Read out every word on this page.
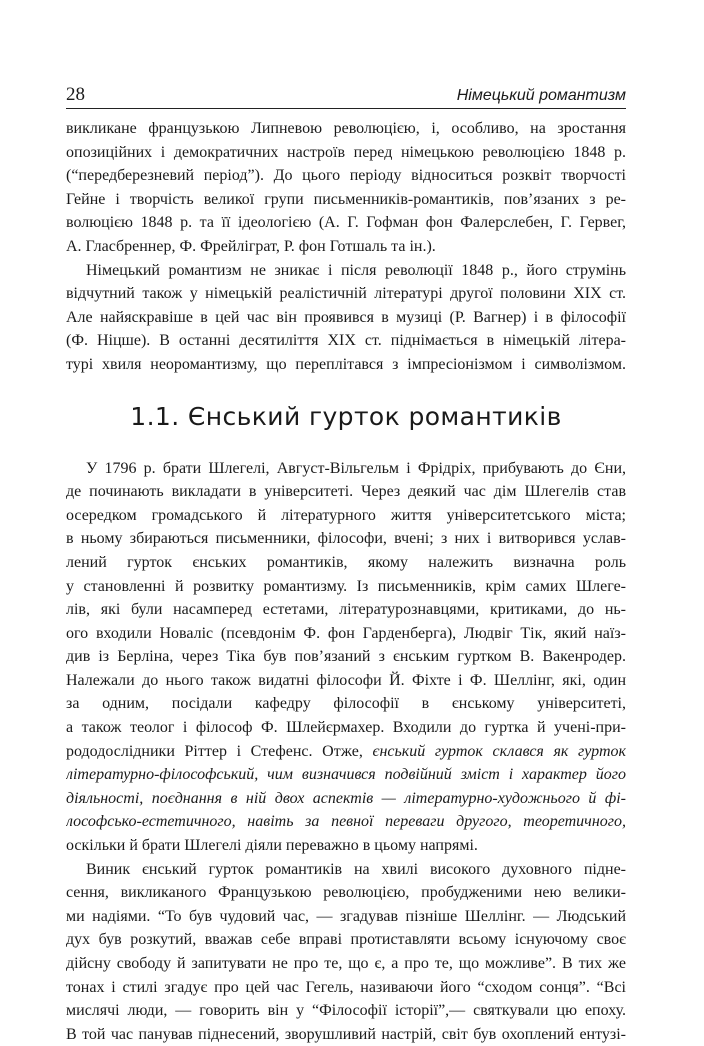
28	Німецький романтизм
викликане французькою Липневою революцією, і, особливо, на зростання
опозиційних і демократичних настроїв перед німецькою революцією 1848 р.
(“передберезневий період”). До цього періоду відноситься розквіт творчості
Гейне і творчість великої групи письменників-романтиків, пов’язаних з ре-
волюцією 1848 р. та її ідеологією (А. Г. Гофман фон Фалерслебен, Г. Гервег,
А. Гласбреннер, Ф. Фрейліграт, Р. фон Готшаль та ін.).
Німецький романтизм не зникає і після революції 1848 р., його струмінь
відчутний також у німецькій реалістичній літературі другої половини XIX ст.
Але найяскравіше в цей час він проявився в музиці (Р. Вагнер) і в філософії
(Ф. Ніцше). В останні десятиліття XIX ст. піднімається в німецькій літера-
турі хвиля неоромантизму, що переплітався з імпресіонізмом і символізмом.
1.1. Єнський гурток романтиків
У 1796 р. брати Шлегелі, Август-Вільгельм і Фрідріх, прибувають до Єни,
де починають викладати в університеті. Через деякий час дім Шлегелів став
осередком громадського й літературного життя університетського міста;
в ньому збираються письменники, філософи, вчені; з них і витворився услав-
лений гурток єнських романтиків, якому належить визначна роль
у становленні й розвитку романтизму. Із письменників, крім самих Шлеге-
лів, які були насамперед естетами, літературознавцями, критиками, до нь-
ого входили Новаліс (псевдонім Ф. фон Гарденберга), Людвіг Тік, який наїз-
див із Берліна, через Тіка був пов’язаний з єнським гуртком В. Вакенродер.
Належали до нього також видатні філософи Й. Фіхте і Ф. Шеллінг, які, один
за одним, посідали кафедру філософії в єнському університеті,
а також теолог і філософ Ф. Шлейєрмахер. Входили до гуртка й учені-при-
рододослідники Ріттер і Стефенс. Отже, єнський гурток склався як гурток
літературно-філософський, чим визначився подвійний зміст і характер його
діяльності, поєднання в ній двох аспектів — літературно-художнього й фі-
лософсько-естетичного, навіть за певної переваги другого, теоретичного,
оскільки й брати Шлегелі діяли переважно в цьому напрямі.
Виник єнський гурток романтиків на хвилі високого духовного підне-
сення, викликаного Французькою революцією, пробудженими нею велики-
ми надіями. “То був чудовий час, — згадував пізніше Шеллінг. — Людський
дух був розкутий, вважав себе вправі протиставляти всьому існуючому своє
дійсну свободу й запитувати не про те, що є, а про те, що можливе”. В тих же
тонах і стилі згадує про цей час Гегель, називаючи його “сходом сонця”. “Всі
мислячі люди, — говорить він у “Філософії історії”,— святкували цю епоху.
В той час панував піднесений, зворушливий настрій, світ був охоплений ентузі-
